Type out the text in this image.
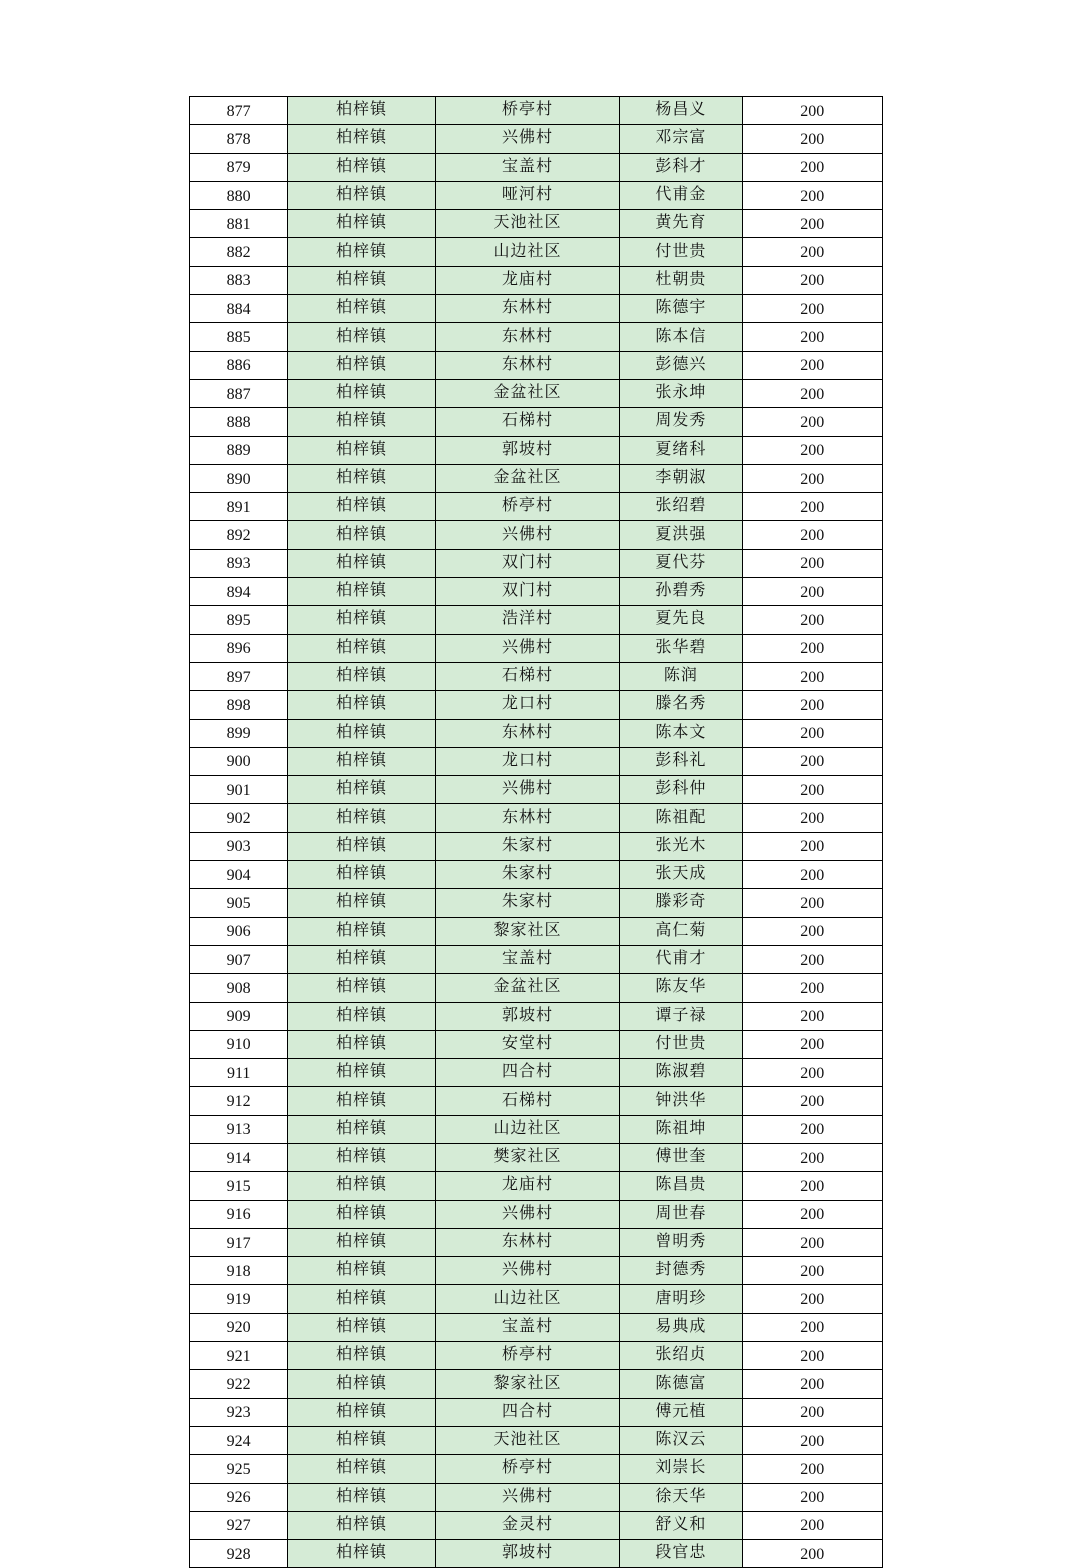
877	柏梓镇	桥亭村	杨昌义	200
878	柏梓镇	兴佛村	邓宗富	200
879	柏梓镇	宝盖村	彭科才	200
880	柏梓镇	哑河村	代甫金	200
881	柏梓镇	天池社区	黄先育	200
882	柏梓镇	山边社区	付世贵	200
883	柏梓镇	龙庙村	杜朝贵	200
884	柏梓镇	东林村	陈德宇	200
885	柏梓镇	东林村	陈本信	200
886	柏梓镇	东林村	彭德兴	200
887	柏梓镇	金盆社区	张永坤	200
888	柏梓镇	石梯村	周发秀	200
889	柏梓镇	郭坡村	夏绪科	200
890	柏梓镇	金盆社区	李朝淑	200
891	柏梓镇	桥亭村	张绍碧	200
892	柏梓镇	兴佛村	夏洪强	200
893	柏梓镇	双门村	夏代芬	200
894	柏梓镇	双门村	孙碧秀	200
895	柏梓镇	浩洋村	夏先良	200
896	柏梓镇	兴佛村	张华碧	200
897	柏梓镇	石梯村	陈润	200
898	柏梓镇	龙口村	滕名秀	200
899	柏梓镇	东林村	陈本文	200
900	柏梓镇	龙口村	彭科礼	200
901	柏梓镇	兴佛村	彭科仲	200
902	柏梓镇	东林村	陈祖配	200
903	柏梓镇	朱家村	张光木	200
904	柏梓镇	朱家村	张天成	200
905	柏梓镇	朱家村	滕彩奇	200
906	柏梓镇	黎家社区	高仁菊	200
907	柏梓镇	宝盖村	代甫才	200
908	柏梓镇	金盆社区	陈友华	200
909	柏梓镇	郭坡村	谭子禄	200
910	柏梓镇	安堂村	付世贵	200
911	柏梓镇	四合村	陈淑碧	200
912	柏梓镇	石梯村	钟洪华	200
913	柏梓镇	山边社区	陈祖坤	200
914	柏梓镇	樊家社区	傅世奎	200
915	柏梓镇	龙庙村	陈昌贵	200
916	柏梓镇	兴佛村	周世春	200
917	柏梓镇	东林村	曾明秀	200
918	柏梓镇	兴佛村	封德秀	200
919	柏梓镇	山边社区	唐明珍	200
920	柏梓镇	宝盖村	易典成	200
921	柏梓镇	桥亭村	张绍贞	200
922	柏梓镇	黎家社区	陈德富	200
923	柏梓镇	四合村	傅元植	200
924	柏梓镇	天池社区	陈汉云	200
925	柏梓镇	桥亭村	刘崇长	200
926	柏梓镇	兴佛村	徐天华	200
927	柏梓镇	金灵村	舒义和	200
928	柏梓镇	郭坡村	段官忠	200
